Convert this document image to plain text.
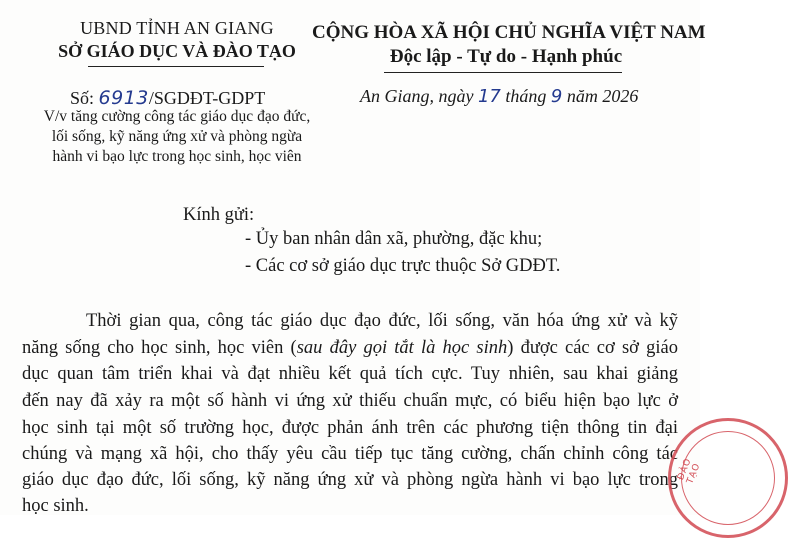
UBND TỈNH AN GIANG
SỞ GIÁO DỤC VÀ ĐÀO TẠO
Số: 6913/SGDĐT-GDPT
V/v tăng cường công tác giáo dục đạo đức,
lối sống, kỹ năng ứng xử và phòng ngừa
hành vi bạo lực trong học sinh, học viên
CỘNG HÒA XÃ HỘI CHỦ NGHĨA VIỆT NAM
Độc lập - Tự do - Hạnh phúc
An Giang, ngày 17 tháng 9 năm 2026
Kính gửi:
- Ủy ban nhân dân xã, phường, đặc khu;
- Các cơ sở giáo dục trực thuộc Sở GDĐT.
Thời gian qua, công tác giáo dục đạo đức, lối sống, văn hóa ứng xử và kỹ
năng sống cho học sinh, học viên (sau đây gọi tắt là học sinh) được các cơ sở giáo
dục quan tâm triển khai và đạt nhiều kết quả tích cực. Tuy nhiên, sau khai giảng
đến nay đã xảy ra một số hành vi ứng xử thiếu chuẩn mực, có biểu hiện bạo lực ở
học sinh tại một số trường học, được phản ánh trên các phương tiện thông tin đại
chúng và mạng xã hội, cho thấy yêu cầu tiếp tục tăng cường, chấn chỉnh công tác
giáo dục đạo đức, lối sống, kỹ năng ứng xử và phòng ngừa hành vi bạo lực trong
học sinh.
ĐÀO TẠO
